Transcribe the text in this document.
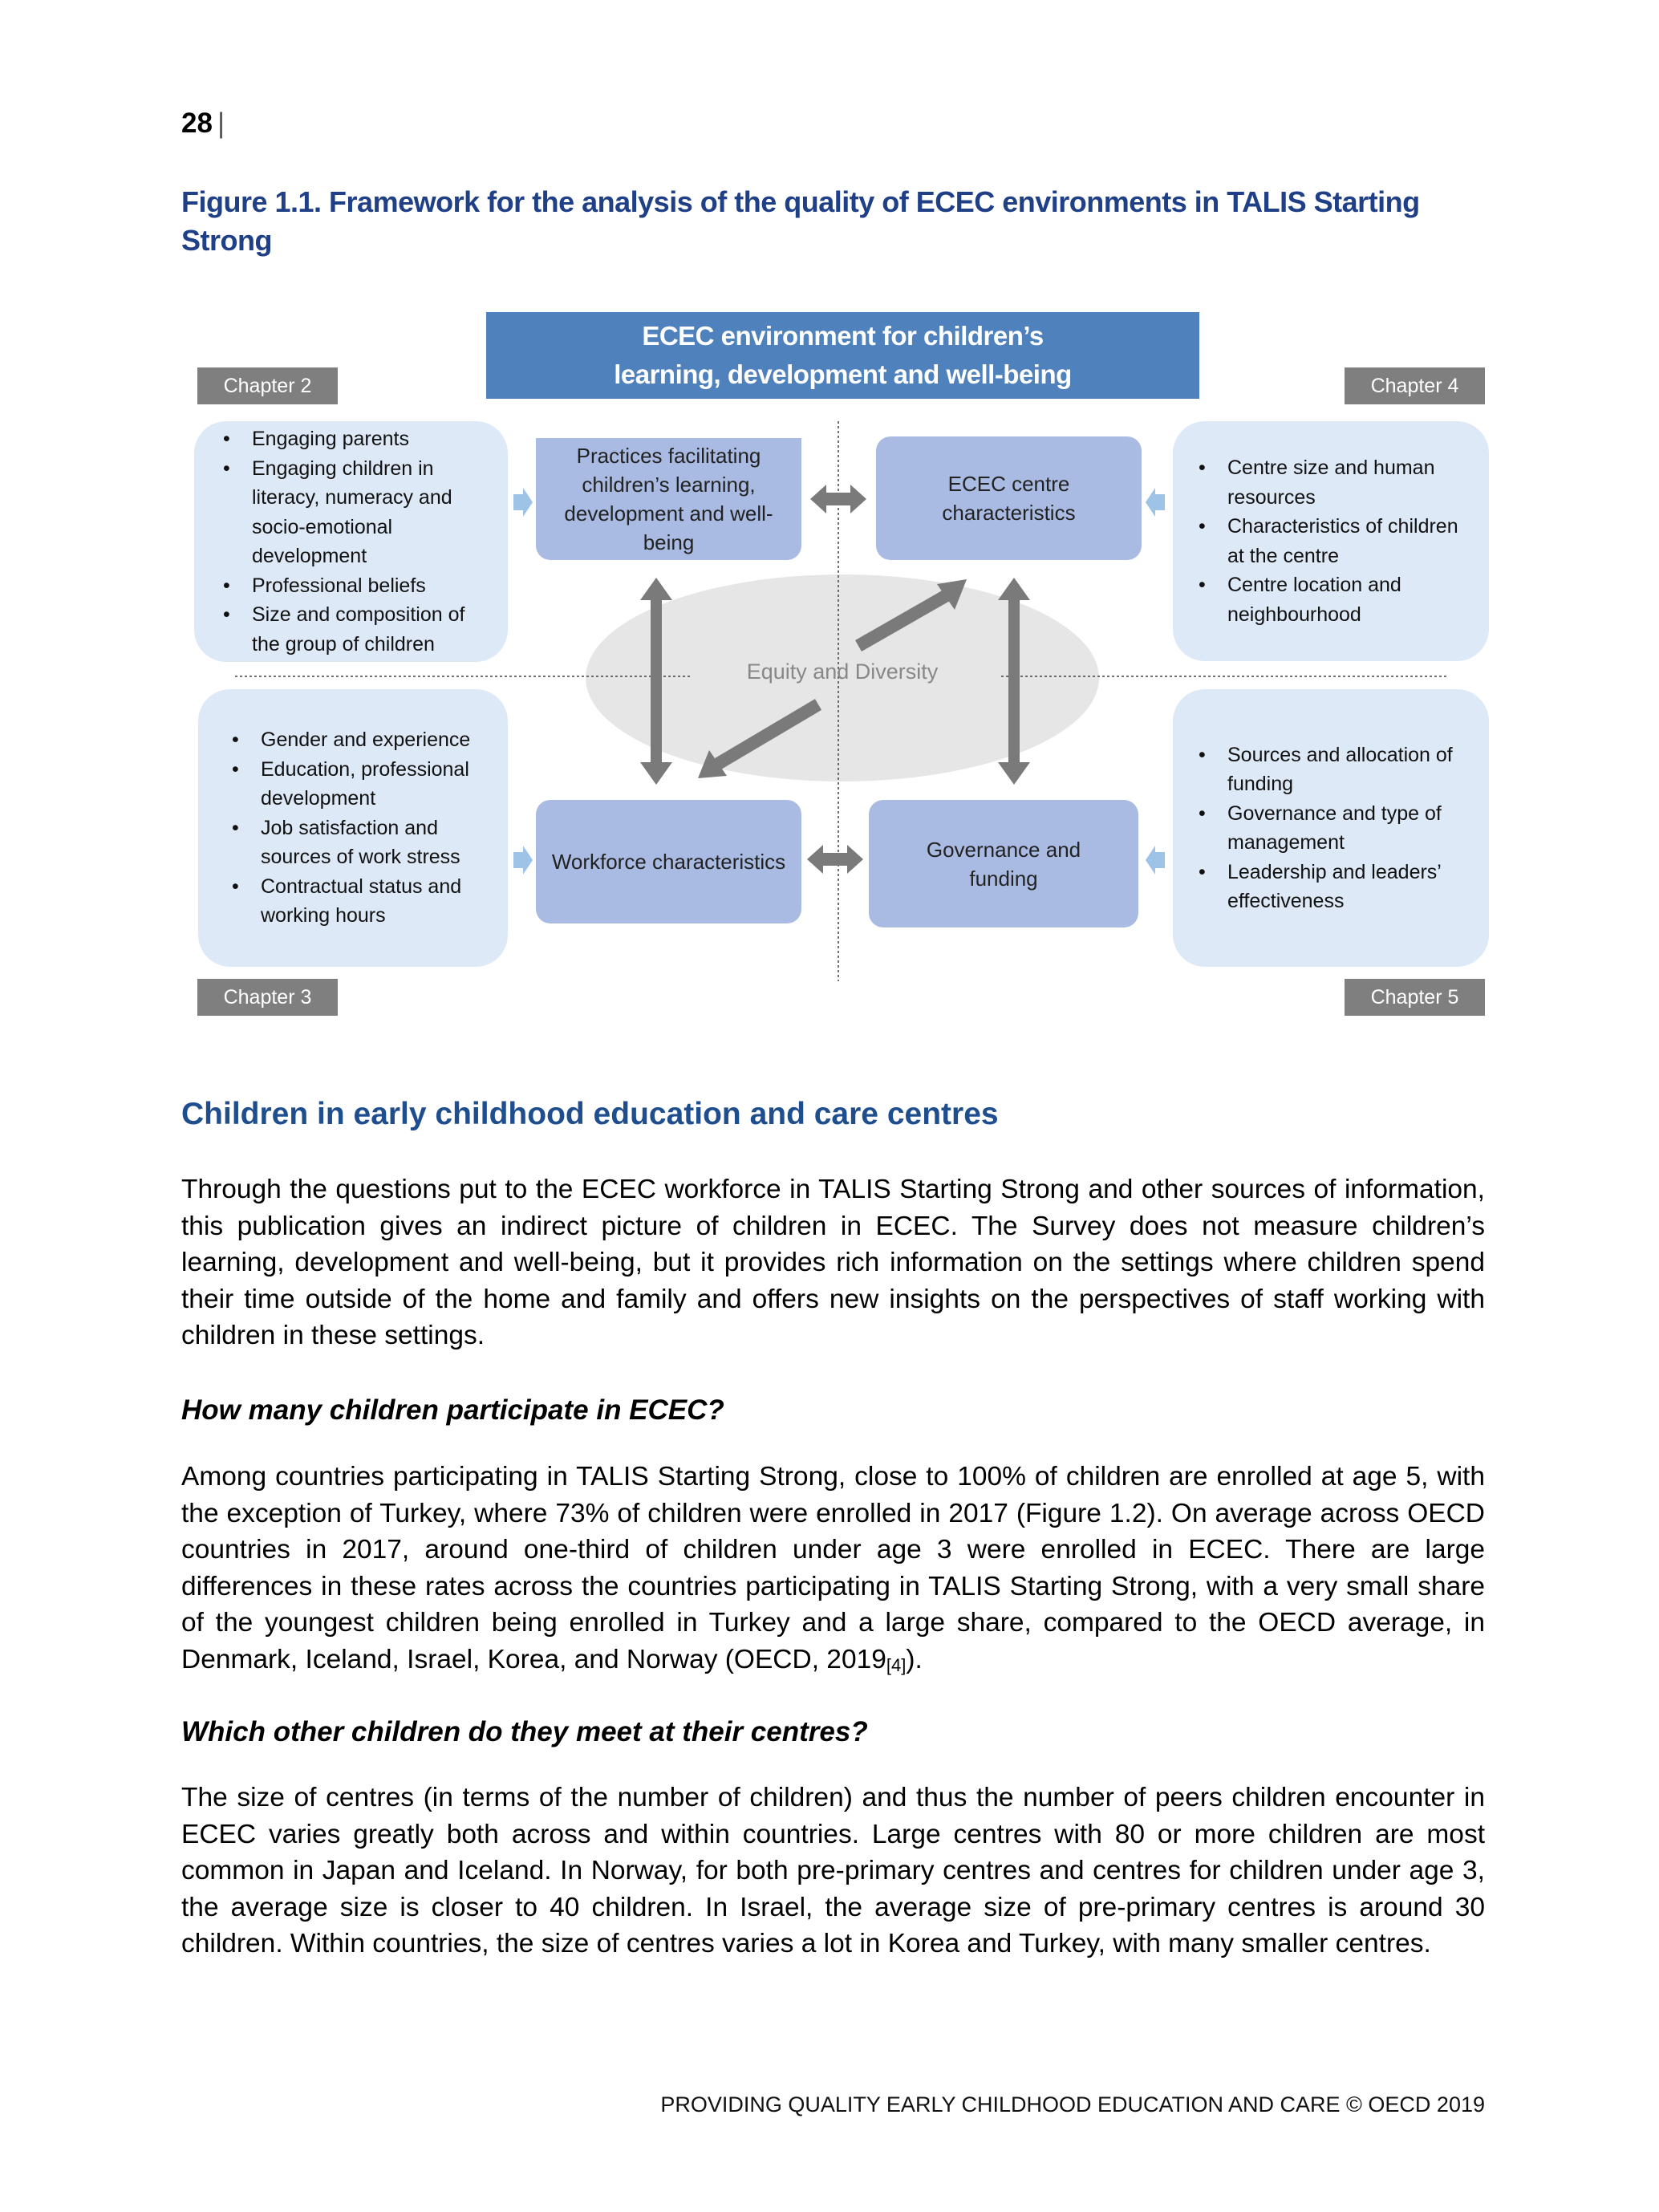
28 |
Figure 1.1. Framework for the analysis of the quality of ECEC environments in TALIS Starting Strong
ECEC environment for children’s learning, development and well-being
Chapter 2	Chapter 4
Chapter 3	Chapter 5
• Engaging parents
• Engaging children in literacy, numeracy and socio-emotional development
• Professional beliefs
• Size and composition of the group of children
• Centre size and human resources
• Characteristics of children at the centre
• Centre location and neighbourhood
• Gender and experience
• Education, professional development
• Job satisfaction and sources of work stress
• Contractual status and working hours
• Sources and allocation of funding
• Governance and type of management
• Leadership and leaders’ effectiveness
Practices facilitating children’s learning, development and well-being
ECEC centre characteristics
Workforce characteristics
Governance and funding
Equity and Diversity
Children in early childhood education and care centres
Through the questions put to the ECEC workforce in TALIS Starting Strong and other sources of information, this publication gives an indirect picture of children in ECEC. The Survey does not measure children’s learning, development and well-being, but it provides rich information on the settings where children spend their time outside of the home and family and offers new insights on the perspectives of staff working with children in these settings.
How many children participate in ECEC?
Among countries participating in TALIS Starting Strong, close to 100% of children are enrolled at age 5, with the exception of Turkey, where 73% of children were enrolled in 2017 (Figure 1.2). On average across OECD countries in 2017, around one-third of children under age 3 were enrolled in ECEC. There are large differences in these rates across the countries participating in TALIS Starting Strong, with a very small share of the youngest children being enrolled in Turkey and a large share, compared to the OECD average, in Denmark, Iceland, Israel, Korea, and Norway (OECD, $2019_{[4]}$).
Which other children do they meet at their centres?
The size of centres (in terms of the number of children) and thus the number of peers children encounter in ECEC varies greatly both across and within countries. Large centres with 80 or more children are most common in Japan and Iceland. In Norway, for both pre-primary centres and centres for children under age 3, the average size is closer to 40 children. In Israel, the average size of pre-primary centres is around 30 children. Within countries, the size of centres varies a lot in Korea and Turkey, with many smaller centres.
PROVIDING QUALITY EARLY CHILDHOOD EDUCATION AND CARE © OECD 2019
